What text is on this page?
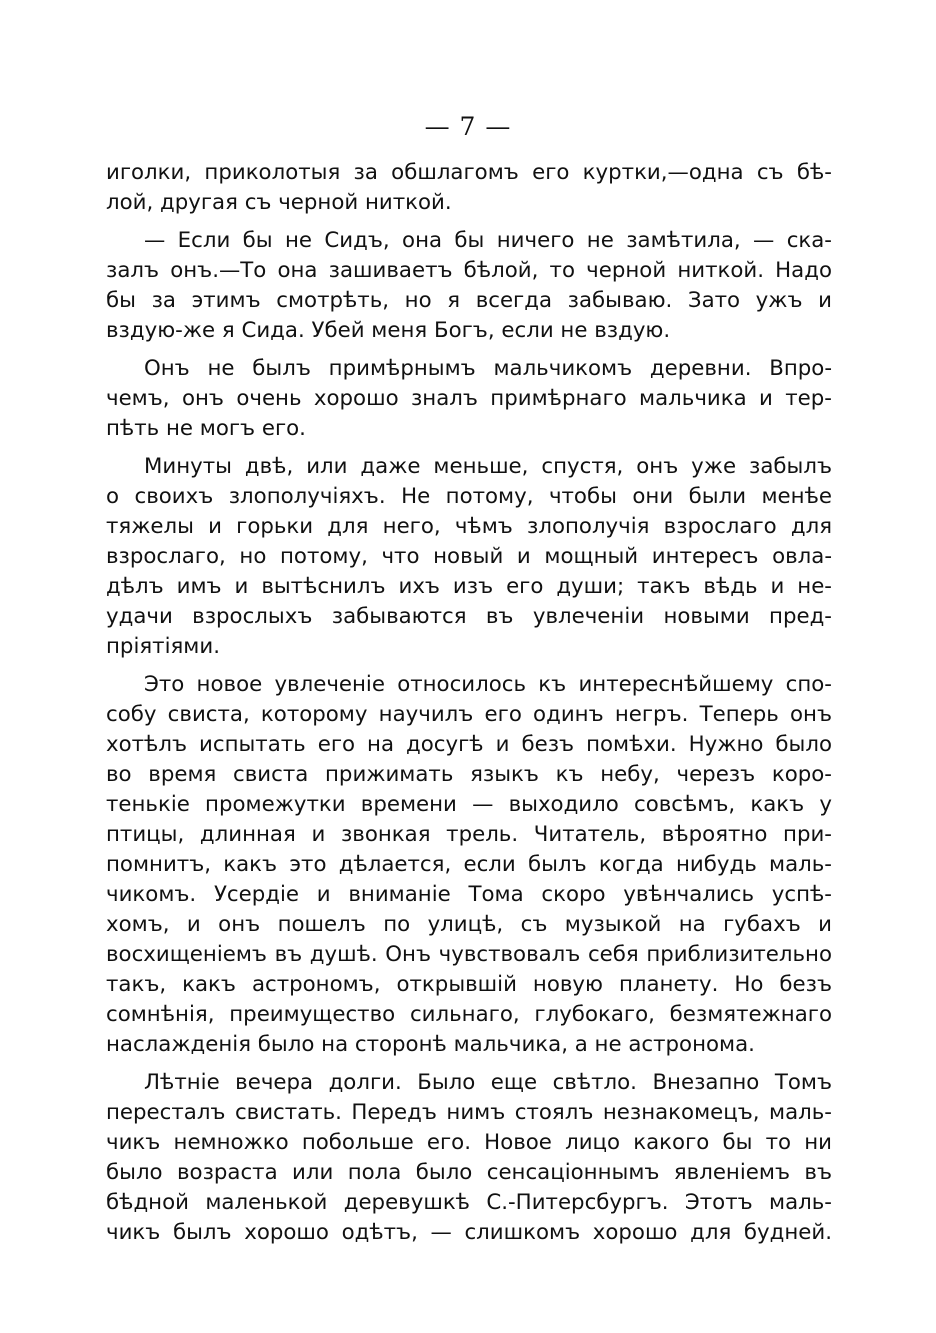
— 7 —
иголки, приколотыя за обшлагомъ его куртки,—одна съ бѣ-
лой, другая съ черной ниткой.
— Если бы не Сидъ, она бы ничего не замѣтила, — ска-
залъ онъ.—То она зашиваетъ бѣлой, то черной ниткой. Надо
бы за этимъ смотрѣть, но я всегда забываю. Зато ужъ и
вздую-же я Сида. Убей меня Богъ, если не вздую.
Онъ не былъ примѣрнымъ мальчикомъ деревни. Впро-
чемъ, онъ очень хорошо зналъ примѣрнаго мальчика и тер-
пѣть не могъ его.
Минуты двѣ, или даже меньше, спустя, онъ уже забылъ
о своихъ злополучіяхъ. Не потому, чтобы они были менѣе
тяжелы и горьки для него, чѣмъ злополучія взрослаго для
взрослаго, но потому, что новый и мощный интересъ овла-
дѣлъ имъ и вытѣснилъ ихъ изъ его души; такъ вѣдь и не-
удачи взрослыхъ забываются въ увлеченіи новыми пред-
пріятіями.
Это новое увлеченіе относилось къ интереснѣйшему спо-
собу свиста, которому научилъ его одинъ негръ. Теперь онъ
хотѣлъ испытать его на досугѣ и безъ помѣхи. Нужно было
во время свиста прижимать языкъ къ небу, черезъ коро-
тенькіе промежутки времени — выходило совсѣмъ, какъ у
птицы, длинная и звонкая трель. Читатель, вѣроятно при-
помнитъ, какъ это дѣлается, если былъ когда нибудь маль-
чикомъ. Усердіе и вниманіе Тома скоро увѣнчались успѣ-
хомъ, и онъ пошелъ по улицѣ, съ музыкой на губахъ и
восхищеніемъ въ душѣ. Онъ чувствовалъ себя приблизительно
такъ, какъ астрономъ, открывшій новую планету. Но безъ
сомнѣнія, преимущество сильнаго, глубокаго, безмятежнаго
наслажденія было на сторонѣ мальчика, а не астронома.
Лѣтніе вечера долги. Было еще свѣтло. Внезапно Томъ
пересталъ свистать. Передъ нимъ стоялъ незнакомецъ, маль-
чикъ немножко побольше его. Новое лицо какого бы то ни
было возраста или пола было сенсаціоннымъ явленіемъ въ
бѣдной маленькой деревушкѣ С.-Питерсбургъ. Этотъ маль-
чикъ былъ хорошо одѣтъ, — слишкомъ хорошо для будней.
